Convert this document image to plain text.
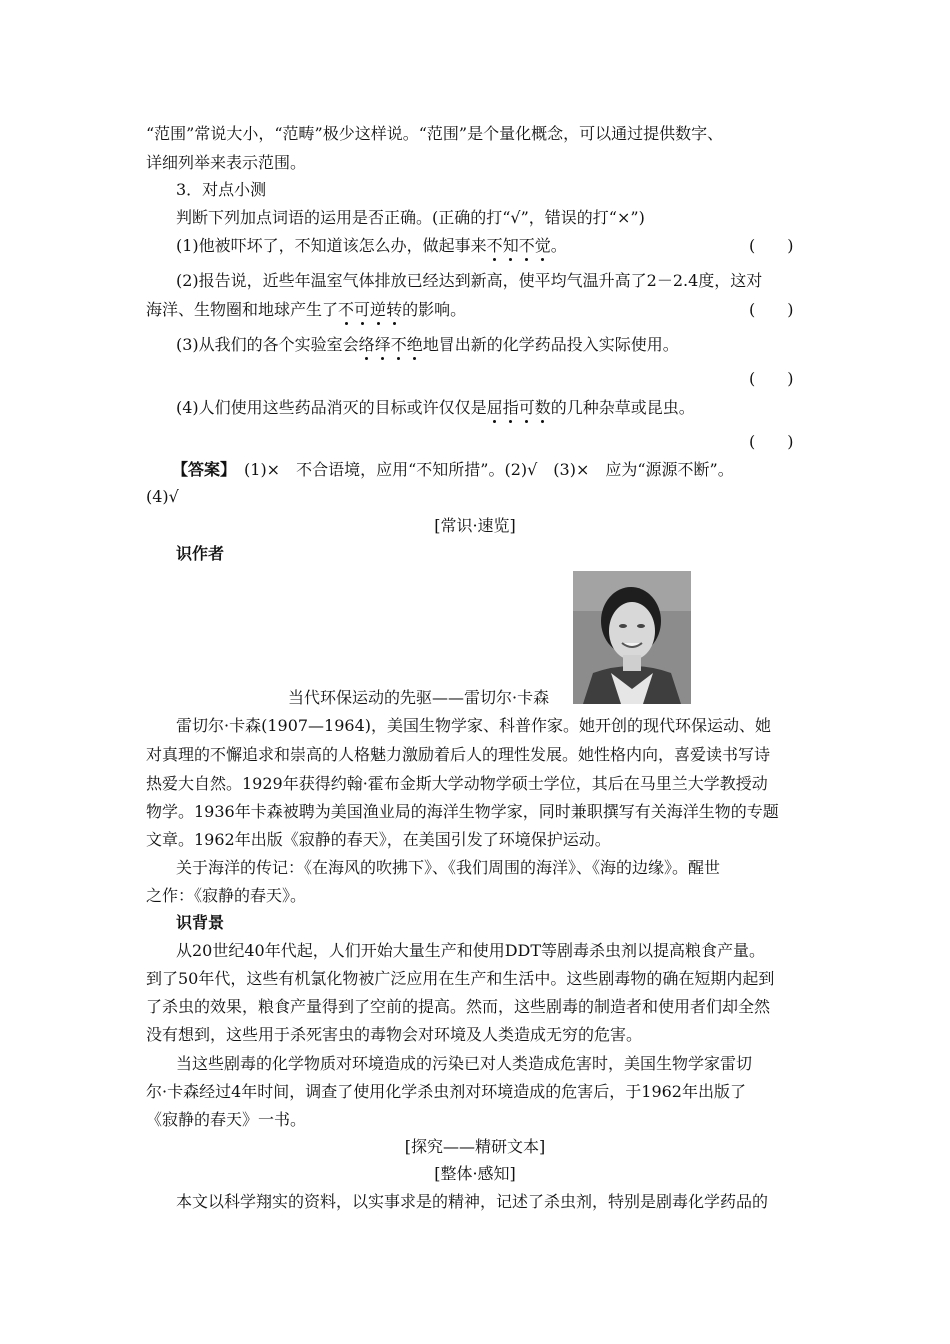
“范围”常说大小，“范畴”极少这样说。“范围”是个量化概念，可以通过提供数字、
详细列举来表示范围。
3．对点小测
判断下列加点词语的运用是否正确。(正确的打“√”，错误的打“×”)
(1)他被吓坏了，不知道该怎么办，做起事来不知不觉。	(　　)
(2)报告说，近些年温室气体排放已经达到新高，使平均气温升高了2－2.4度，这对
海洋、生物圈和地球产生了不可逆转的影响。	(　　)
(3)从我们的各个实验室会络绎不绝地冒出新的化学药品投入实际使用。
(　　)
(4)人们使用这些药品消灭的目标或许仅仅是屈指可数的几种杂草或昆虫。
(　　)
【答案】　(1)×　不合语境，应用“不知所措”。(2)√　(3)×　应为“源源不断”。
(4)√
[常识·速览]
识作者
当代环保运动的先驱——雷切尔·卡森
雷切尔·卡森(1907—1964)，美国生物学家、科普作家。她开创的现代环保运动、她
对真理的不懈追求和崇高的人格魅力激励着后人的理性发展。她性格内向，喜爱读书写诗
热爱大自然。1929年获得约翰·霍布金斯大学动物学硕士学位，其后在马里兰大学教授动
物学。1936年卡森被聘为美国渔业局的海洋生物学家，同时兼职撰写有关海洋生物的专题
文章。1962年出版《寂静的春天》，在美国引发了环境保护运动。
关于海洋的传记：《在海风的吹拂下》、《我们周围的海洋》、《海的边缘》。醒世
之作：《寂静的春天》。
识背景
从20世纪40年代起，人们开始大量生产和使用DDT等剧毒杀虫剂以提高粮食产量。
到了50年代，这些有机氯化物被广泛应用在生产和生活中。这些剧毒物的确在短期内起到
了杀虫的效果，粮食产量得到了空前的提高。然而，这些剧毒的制造者和使用者们却全然
没有想到，这些用于杀死害虫的毒物会对环境及人类造成无穷的危害。
当这些剧毒的化学物质对环境造成的污染已对人类造成危害时，美国生物学家雷切
尔·卡森经过4年时间，调查了使用化学杀虫剂对环境造成的危害后，于1962年出版了
《寂静的春天》一书。
[探究——精研文本]
[整体·感知]
本文以科学翔实的资料，以实事求是的精神，记述了杀虫剂，特别是剧毒化学药品的
